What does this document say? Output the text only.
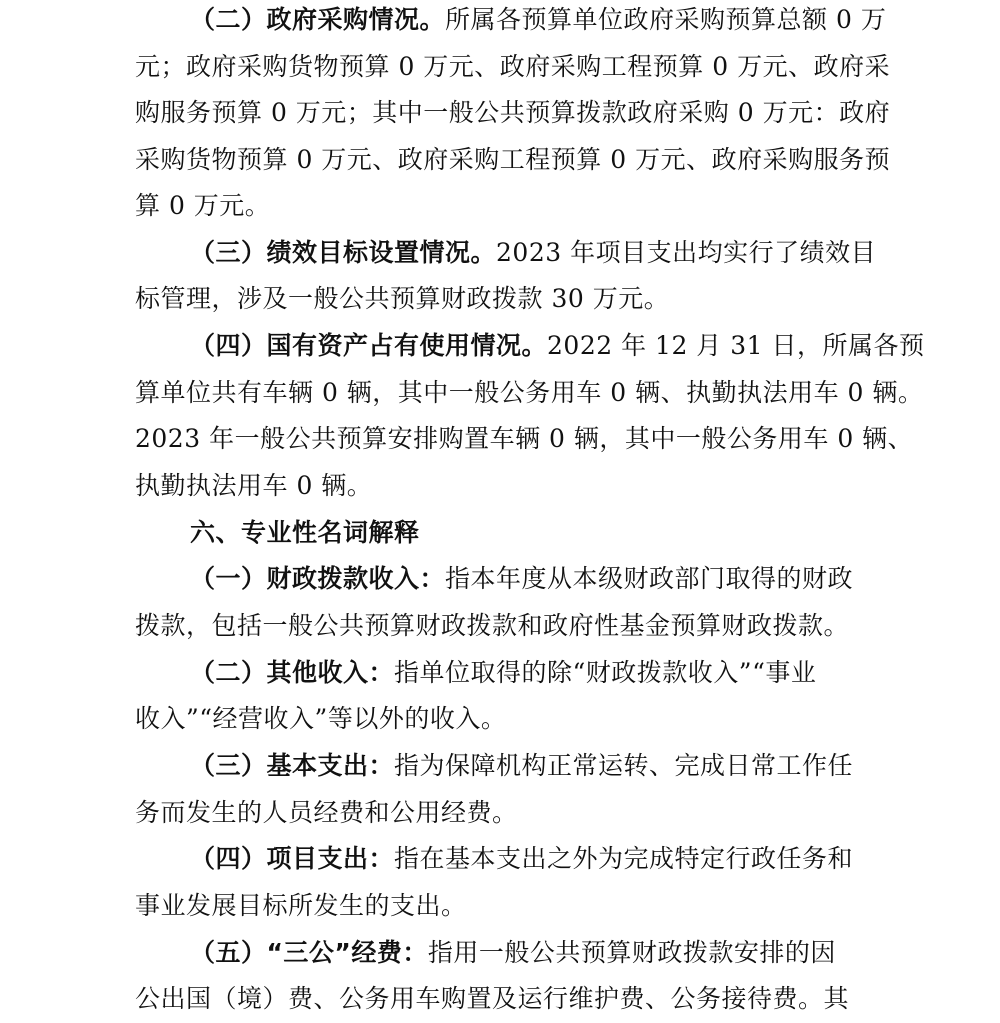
（二）政府采购情况。所属各预算单位政府采购预算总额 0 万
元；政府采购货物预算 0 万元、政府采购工程预算 0 万元、政府采
购服务预算 0 万元；其中一般公共预算拨款政府采购 0 万元：政府
采购货物预算 0 万元、政府采购工程预算 0 万元、政府采购服务预
算 0 万元。
（三）绩效目标设置情况。2023 年项目支出均实行了绩效目
标管理，涉及一般公共预算财政拨款 30 万元。
（四）国有资产占有使用情况。2022 年 12 月 31 日，所属各预
算单位共有车辆 0 辆，其中一般公务用车 0 辆、执勤执法用车 0 辆。
2023 年一般公共预算安排购置车辆 0 辆，其中一般公务用车 0 辆、
执勤执法用车 0 辆。
六、专业性名词解释
（一）财政拨款收入：指本年度从本级财政部门取得的财政
拨款，包括一般公共预算财政拨款和政府性基金预算财政拨款。
（二）其他收入：指单位取得的除“财政拨款收入”“事业
收入”“经营收入”等以外的收入。
（三）基本支出：指为保障机构正常运转、完成日常工作任
务而发生的人员经费和公用经费。
（四）项目支出：指在基本支出之外为完成特定行政任务和
事业发展目标所发生的支出。
（五）“三公”经费：指用一般公共预算财政拨款安排的因
公出国（境）费、公务用车购置及运行维护费、公务接待费。其
